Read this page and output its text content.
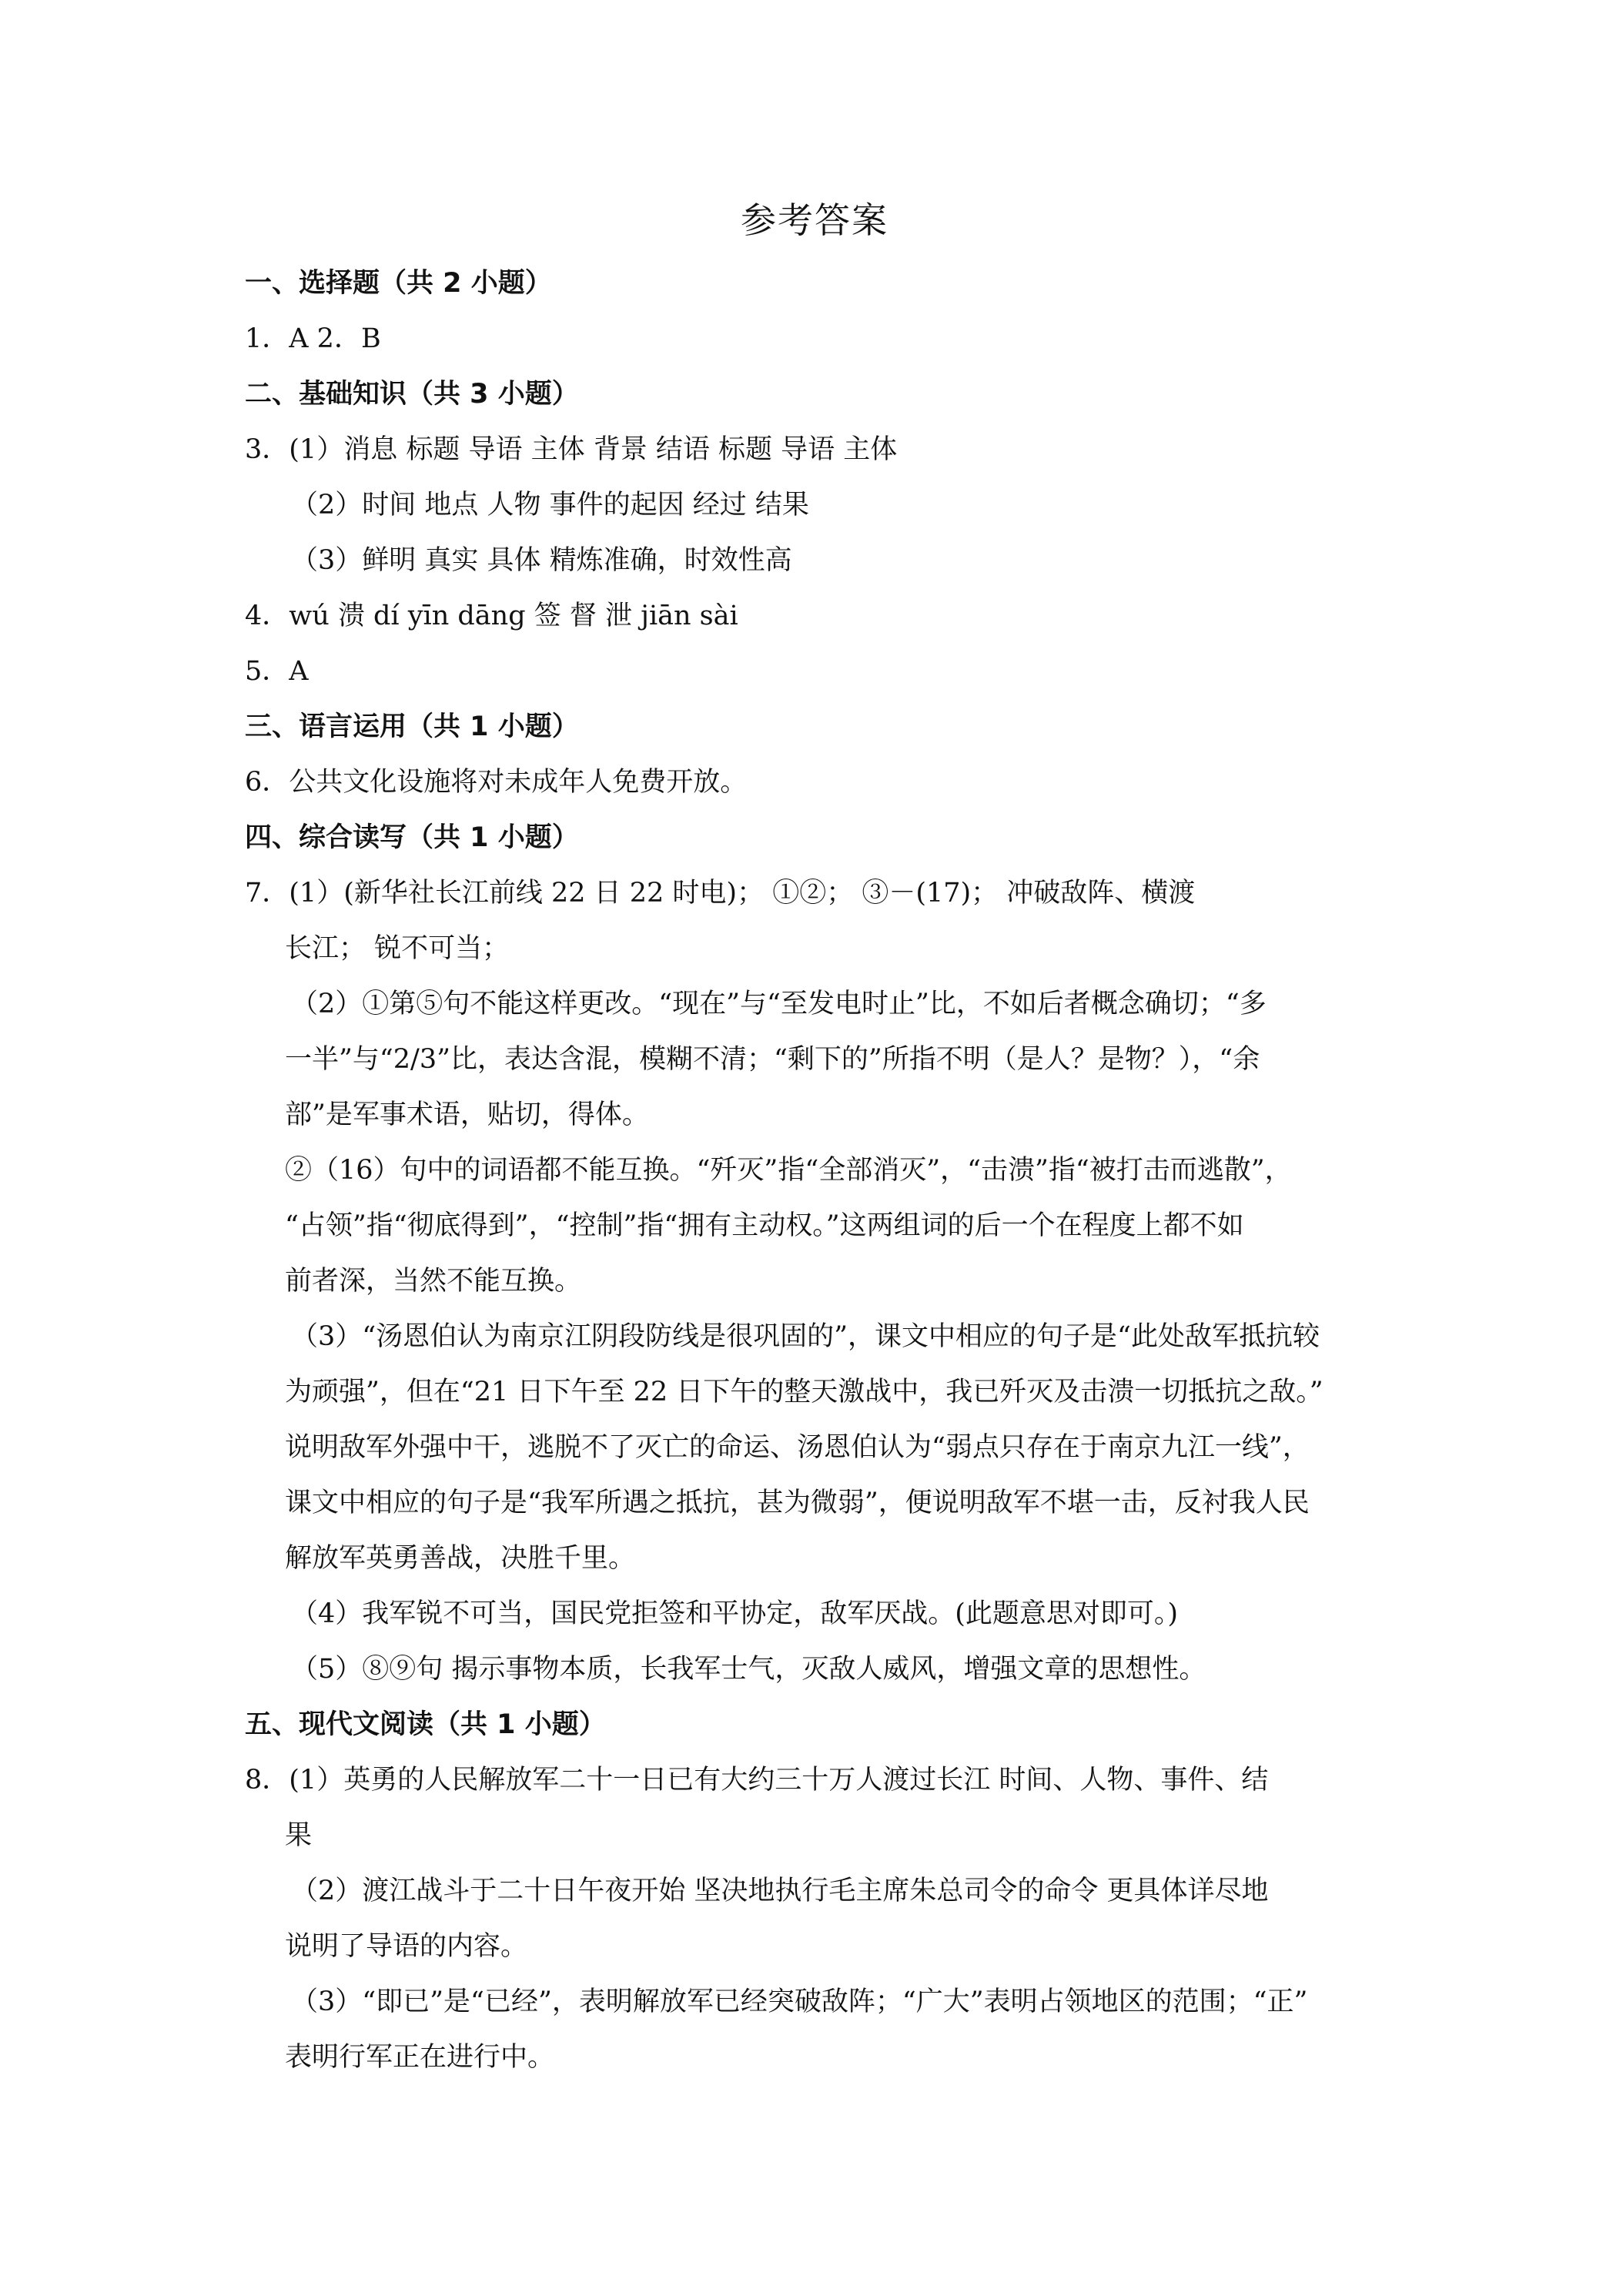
参考答案
一、选择题（共 2 小题）
1．A 2．B
二、基础知识（共 3 小题）
3．(1）消息 标题 导语 主体 背景 结语 标题 导语 主体
（2）时间 地点 人物 事件的起因 经过 结果
（3）鲜明 真实 具体 精炼准确，时效性高
4．wú 溃 dí yīn dāng 签 督 泄 jiān sài
5．A
三、语言运用（共 1 小题）
6．公共文化设施将对未成年人免费开放。
四、综合读写（共 1 小题）
7．(1）(新华社长江前线 22 日 22 时电)； ①②； ③－(17)； 冲破敌阵、横渡
长江； 锐不可当；
（2）①第⑤句不能这样更改。“现在”与“至发电时止”比，不如后者概念确切；“多
一半”与“2/3”比，表达含混，模糊不清；“剩下的”所指不明（是人？是物？），“余
部”是军事术语，贴切，得体。
②（16）句中的词语都不能互换。“歼灭”指“全部消灭”，“击溃”指“被打击而逃散”，
“占领”指“彻底得到”，“控制”指“拥有主动权。”这两组词的后一个在程度上都不如
前者深，当然不能互换。
（3）“汤恩伯认为南京江阴段防线是很巩固的”，课文中相应的句子是“此处敌军抵抗较
为顽强”，但在“21 日下午至 22 日下午的整天激战中，我已歼灭及击溃一切抵抗之敌。”
说明敌军外强中干，逃脱不了灭亡的命运、汤恩伯认为“弱点只存在于南京九江一线”，
课文中相应的句子是“我军所遇之抵抗，甚为微弱”，便说明敌军不堪一击，反衬我人民
解放军英勇善战，决胜千里。
（4）我军锐不可当，国民党拒签和平协定，敌军厌战。(此题意思对即可。)
（5）⑧⑨句 揭示事物本质，长我军士气，灭敌人威风，增强文章的思想性。
五、现代文阅读（共 1 小题）
8．(1）英勇的人民解放军二十一日已有大约三十万人渡过长江 时间、人物、事件、结
果
（2）渡江战斗于二十日午夜开始 坚决地执行毛主席朱总司令的命令 更具体详尽地
说明了导语的内容。
（3）“即已”是“已经”，表明解放军已经突破敌阵；“广大”表明占领地区的范围；“正”
表明行军正在进行中。
